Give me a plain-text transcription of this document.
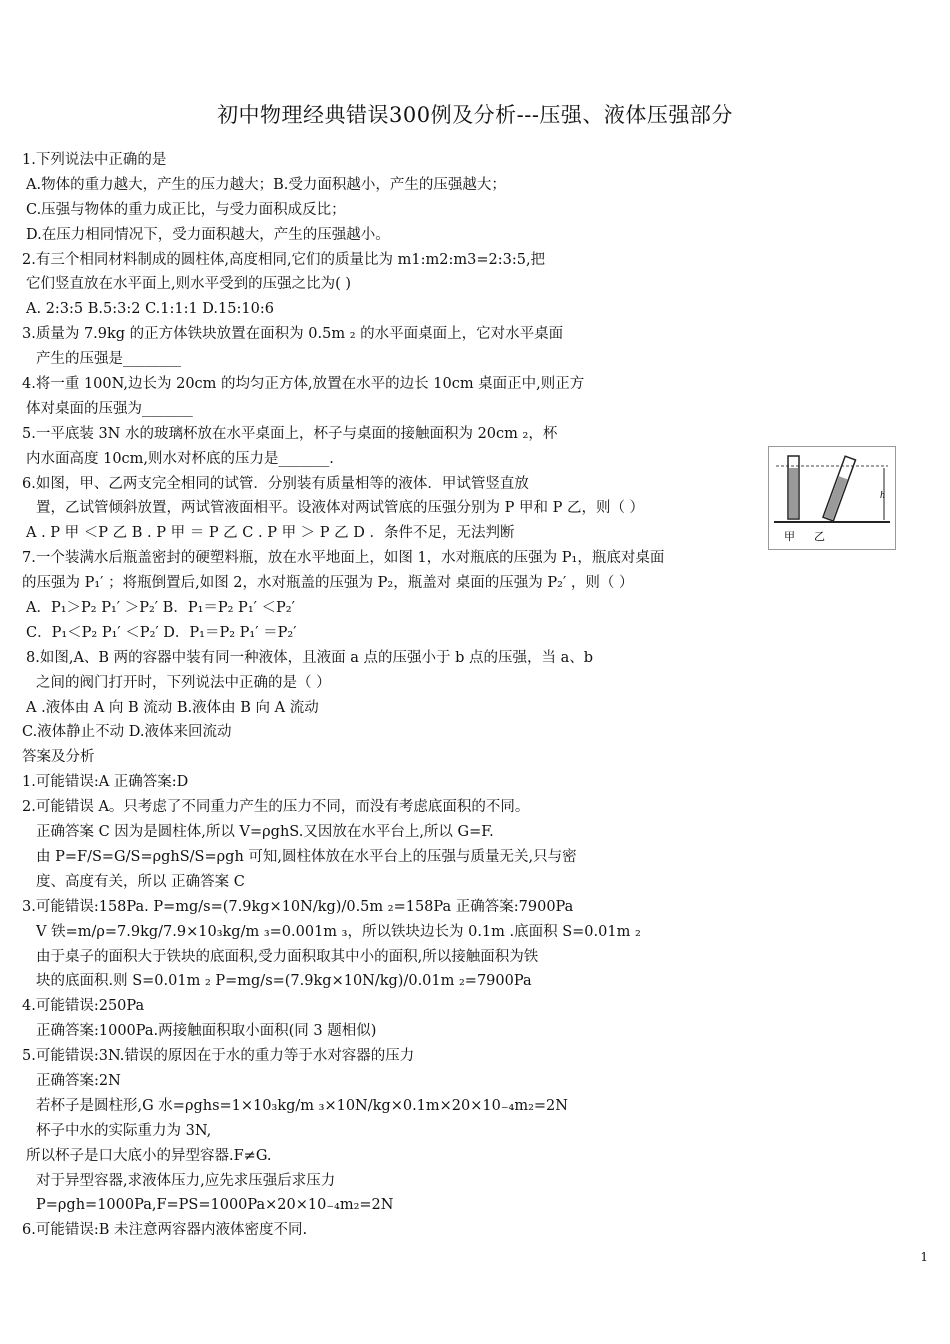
初中物理经典错误300例及分析---压强、液体压强部分
1.下列说法中正确的是
A.物体的重力越大，产生的压力越大；B.受力面积越小，产生的压强越大；
C.压强与物体的重力成正比，与受力面积成反比；
D.在压力相同情况下，受力面积越大，产生的压强越小。
2.有三个相同材料制成的圆柱体,高度相同,它们的质量比为 m1:m2:m3=2:3:5,把
它们竖直放在水平面上,则水平受到的压强之比为( )
A. 2:3:5 B.5:3:2 C.1:1:1 D.15:10:6
3.质量为 7.9kg 的正方体铁块放置在面积为 0.5m ₂ 的水平面桌面上，它对水平桌面
产生的压强是________
4.将一重 100N,边长为 20cm 的均匀正方体,放置在水平的边长 10cm 桌面正中,则正方
体对桌面的压强为_______
5.一平底装 3N 水的玻璃杯放在水平桌面上，杯子与桌面的接触面积为 20cm ₂，杯
内水面高度 10cm,则水对杯底的压力是_______.
6.如图，甲、乙两支完全相同的试管．分别装有质量相等的液体．甲试管竖直放
置，乙试管倾斜放置，两试管液面相平。设液体对两试管底的压强分别为 P 甲和 P 乙，则（ ）
A . P 甲 ＜P 乙 B . P 甲 ＝ P 乙 C . P 甲 ＞ P 乙 D ．条件不足，无法判断
7.一个装满水后瓶盖密封的硬塑料瓶，放在水平地面上，如图 1，水对瓶底的压强为 P₁，瓶底对桌面
的压强为 P₁′ ；将瓶倒置后,如图 2，水对瓶盖的压强为 P₂，瓶盖对 桌面的压强为 P₂′ ，则（ ）
A．P₁＞P₂ P₁′ ＞P₂′ B．P₁＝P₂ P₁′ ＜P₂′
C．P₁＜P₂ P₁′ ＜P₂′ D．P₁＝P₂ P₁′ ＝P₂′
8.如图,A、B 两的容器中装有同一种液体，且液面 a 点的压强小于 b 点的压强，当 a、b
之间的阀门打开时，下列说法中正确的是（ ）
A .液体由 A 向 B 流动 B.液体由 B 向 A 流动
C.液体静止不动 D.液体来回流动
答案及分析
1.可能错误:A 正确答案:D
2.可能错误 A。只考虑了不同重力产生的压力不同，而没有考虑底面积的不同。
正确答案 C 因为是圆柱体,所以 V=ρghS.又因放在水平台上,所以 G=F.
由 P=F/S=G/S=ρghS/S=ρgh 可知,圆柱体放在水平台上的压强与质量无关,只与密
度、高度有关，所以 正确答案 C
3.可能错误:158Pa. P=mg/s=(7.9kg×10N/kg)/0.5m ₂=158Pa 正确答案:7900Pa
V 铁=m/ρ=7.9kg/7.9×10₃kg/m ₃=0.001m ₃，所以铁块边长为 0.1m .底面积 S=0.01m ₂
由于桌子的面积大于铁块的底面积,受力面积取其中小的面积,所以接触面积为铁
块的底面积.则 S=0.01m ₂ P=mg/s=(7.9kg×10N/kg)/0.01m ₂=7900Pa
4.可能错误:250Pa
正确答案:1000Pa.两接触面积取小面积(同 3 题相似)
5.可能错误:3N.错误的原因在于水的重力等于水对容器的压力
正确答案:2N
若杯子是圆柱形,G 水=ρghs=1×10₃kg/m ₃×10N/kg×0.1m×20×10₋₄m₂=2N
杯子中水的实际重力为 3N,
所以杯子是口大底小的异型容器.F≠G.
对于异型容器,求液体压力,应先求压强后求压力
P=ρgh=1000Pa,F=PS=1000Pa×20×10₋₄m₂=2N
6.可能错误:B 未注意两容器内液体密度不同.
h
甲 乙
1
